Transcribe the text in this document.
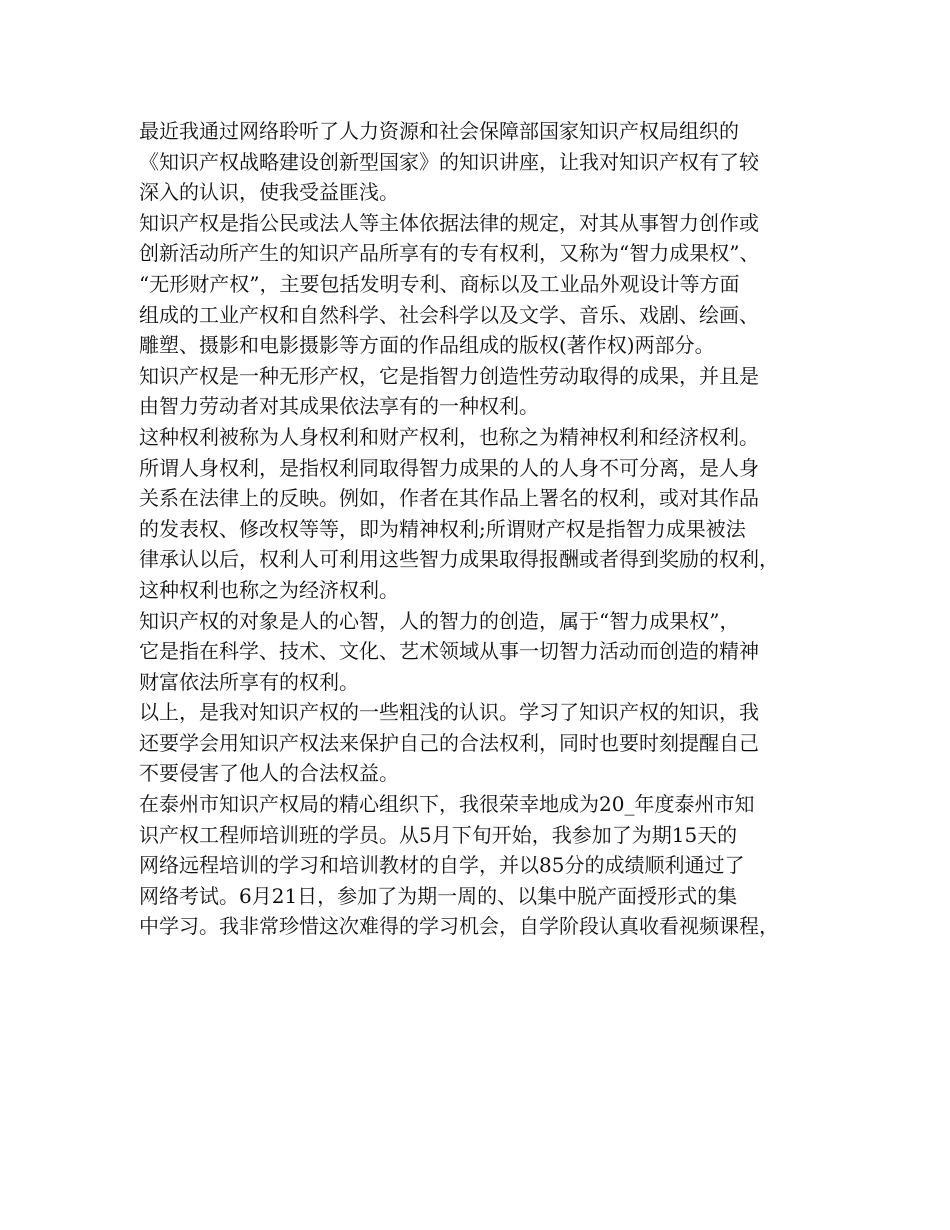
最近我通过网络聆听了人力资源和社会保障部国家知识产权局组织的
《知识产权战略建设创新型国家》的知识讲座，让我对知识产权有了较
深入的认识，使我受益匪浅。

知识产权是指公民或法人等主体依据法律的规定，对其从事智力创作或
创新活动所产生的知识产品所享有的专有权利，又称为“智力成果权”、
“无形财产权”，主要包括发明专利、商标以及工业品外观设计等方面
组成的工业产权和自然科学、社会科学以及文学、音乐、戏剧、绘画、
雕塑、摄影和电影摄影等方面的作品组成的版权(著作权)两部分。

知识产权是一种无形产权，它是指智力创造性劳动取得的成果，并且是
由智力劳动者对其成果依法享有的一种权利。

这种权利被称为人身权利和财产权利，也称之为精神权利和经济权利。

所谓人身权利，是指权利同取得智力成果的人的人身不可分离，是人身
关系在法律上的反映。例如，作者在其作品上署名的权利，或对其作品
的发表权、修改权等等，即为精神权利;所谓财产权是指智力成果被法
律承认以后，权利人可利用这些智力成果取得报酬或者得到奖励的权利，
这种权利也称之为经济权利。

知识产权的对象是人的心智，人的智力的创造，属于“智力成果权”，
它是指在科学、技术、文化、艺术领域从事一切智力活动而创造的精神
财富依法所享有的权利。

以上，是我对知识产权的一些粗浅的认识。学习了知识产权的知识，我
还要学会用知识产权法来保护自己的合法权利，同时也要时刻提醒自己
不要侵害了他人的合法权益。

在泰州市知识产权局的精心组织下，我很荣幸地成为20_年度泰州市知
识产权工程师培训班的学员。从5月下旬开始，我参加了为期15天的
网络远程培训的学习和培训教材的自学，并以85分的成绩顺利通过了
网络考试。6月21日，参加了为期一周的、以集中脱产面授形式的集
中学习。我非常珍惜这次难得的学习机会，自学阶段认真收看视频课程，
